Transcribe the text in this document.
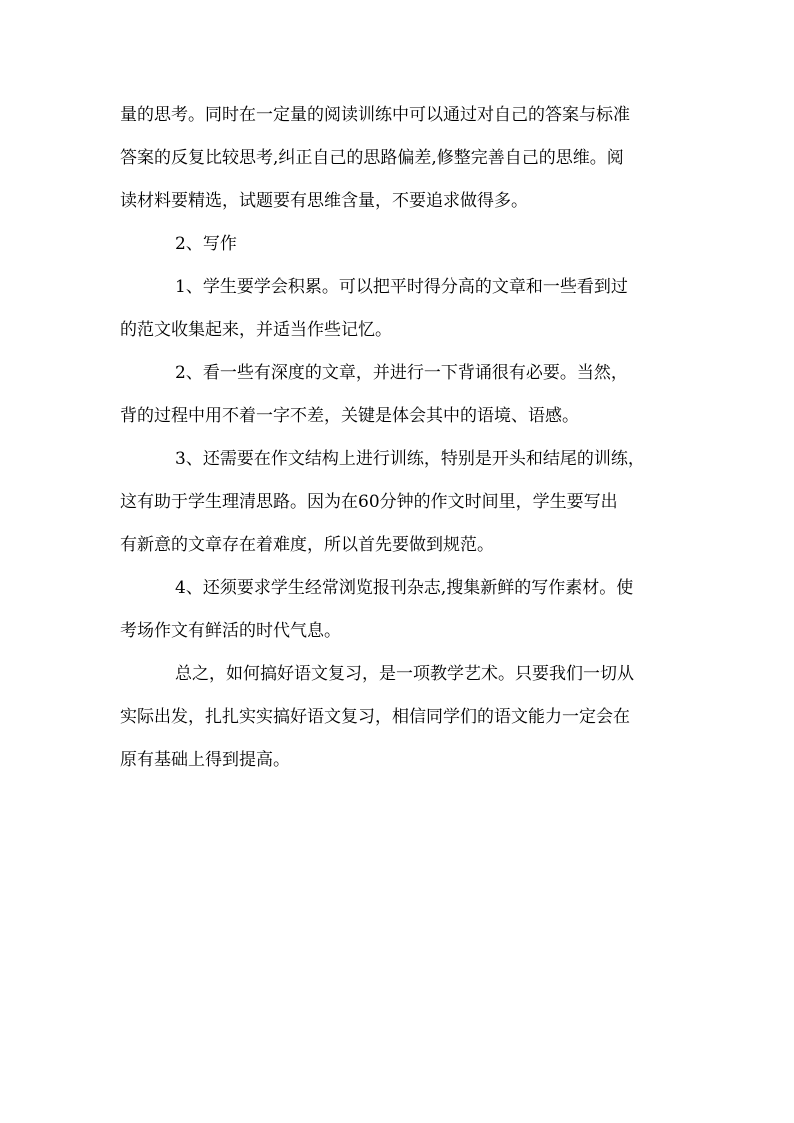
量的思考。同时在一定量的阅读训练中可以通过对自己的答案与标准
答案的反复比较思考,纠正自己的思路偏差,修整完善自己的思维。阅
读材料要精选，试题要有思维含量，不要追求做得多。
2、写作
1、学生要学会积累。可以把平时得分高的文章和一些看到过
的范文收集起来，并适当作些记忆。
2、看一些有深度的文章，并进行一下背诵很有必要。当然，
背的过程中用不着一字不差，关键是体会其中的语境、语感。
3、还需要在作文结构上进行训练，特别是开头和结尾的训练，
这有助于学生理清思路。因为在60分钟的作文时间里，学生要写出
有新意的文章存在着难度，所以首先要做到规范。
4、还须要求学生经常浏览报刊杂志,搜集新鲜的写作素材。使
考场作文有鲜活的时代气息。
总之，如何搞好语文复习，是一项教学艺术。只要我们一切从
实际出发，扎扎实实搞好语文复习，相信同学们的语文能力一定会在
原有基础上得到提高。
